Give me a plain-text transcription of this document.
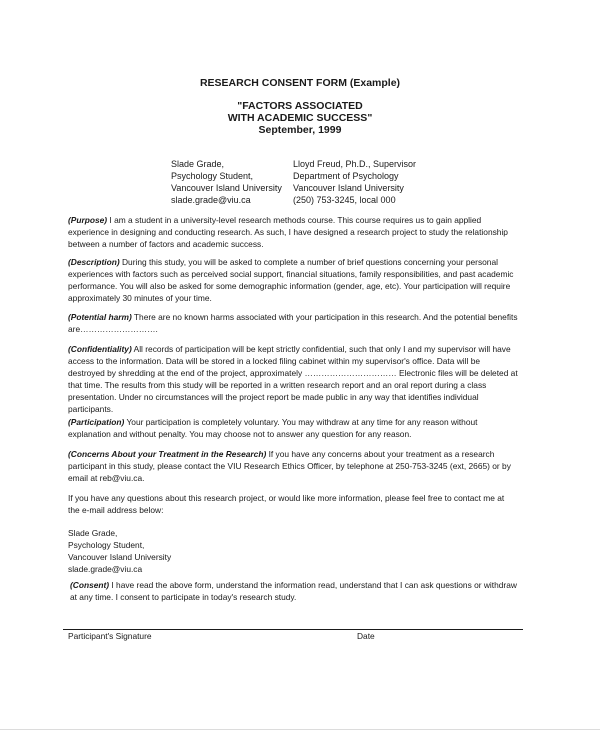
RESEARCH CONSENT FORM (Example)
"FACTORS ASSOCIATED
WITH ACADEMIC SUCCESS"
September, 1999
Slade Grade,
Psychology Student,
Vancouver Island University
slade.grade@viu.ca
Lloyd Freud, Ph.D., Supervisor
Department of Psychology
Vancouver Island University
(250) 753-3245, local 000
(Purpose) I am a student in a university-level research methods course. This course requires us to gain applied experience in designing and conducting research. As such, I have designed a research project to study the relationship between a number of factors and academic success.
(Description) During this study, you will be asked to complete a number of brief questions concerning your personal experiences with factors such as perceived social support, financial situations, family responsibilities, and past academic performance. You will also be asked for some demographic information (gender, age, etc). Your participation will require approximately 30 minutes of your time.
(Potential harm) There are no known harms associated with your participation in this research. And the potential benefits are……………………….
(Confidentiality) All records of participation will be kept strictly confidential, such that only I and my supervisor will have access to the information. Data will be stored in a locked filing cabinet within my supervisor's office. Data will be destroyed by shredding at the end of the project, approximately …………………………… Electronic files will be deleted at that time. The results from this study will be reported in a written research report and an oral report during a class presentation. Under no circumstances will the project report be made public in any way that identifies individual participants.
(Participation) Your participation is completely voluntary. You may withdraw at any time for any reason without explanation and without penalty. You may choose not to answer any question for any reason.
(Concerns About your Treatment in the Research) If you have any concerns about your treatment as a research participant in this study, please contact the VIU Research Ethics Officer, by telephone at 250-753-3245 (ext, 2665) or by email at reb@viu.ca.
If you have any questions about this research project, or would like more information, please feel free to contact me at the e-mail address below:
Slade Grade,
Psychology Student,
Vancouver Island University
slade.grade@viu.ca
(Consent) I have read the above form, understand the information read, understand that I can ask questions or withdraw at any time. I consent to participate in today's research study.
Participant's Signature	Date
